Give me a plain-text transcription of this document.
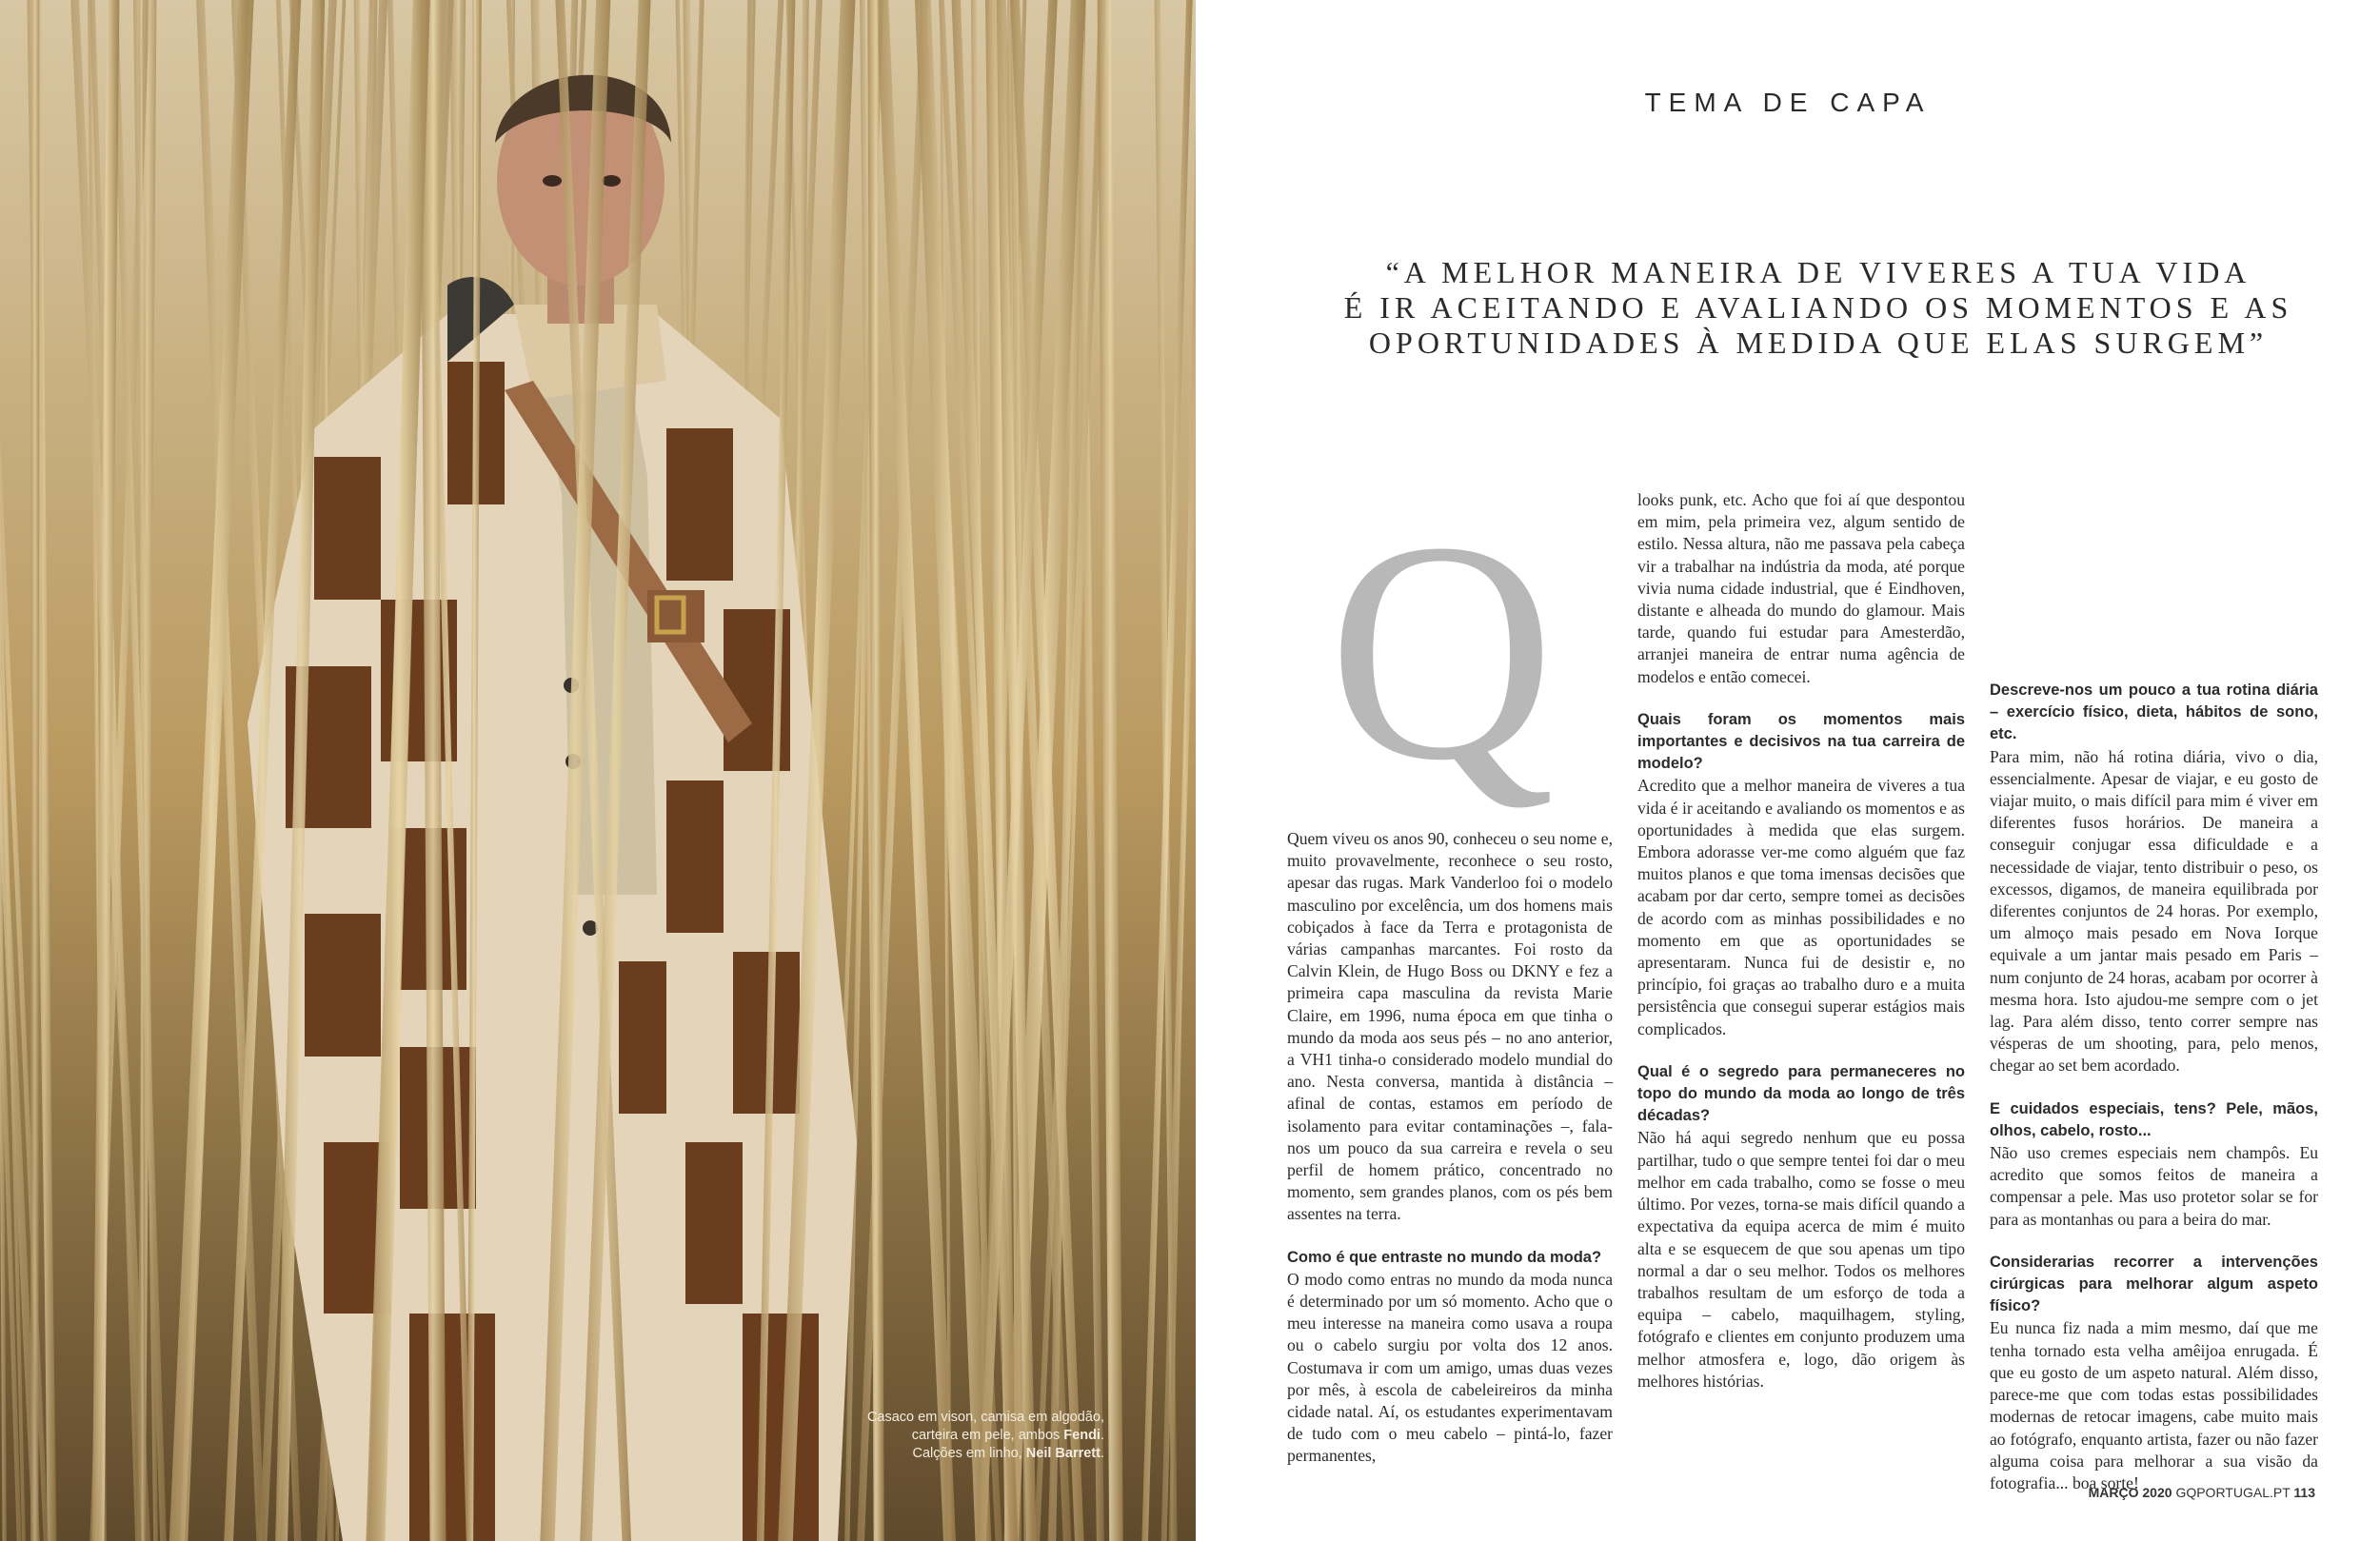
Casaco em vison, camisa em algodão,
carteira em pele, ambos Fendi.
Calções em linho, Neil Barrett.
TEMA DE CAPA
“A MELHOR MANEIRA DE VIVERES A TUA VIDA
É IR ACEITANDO E AVALIANDO OS MOMENTOS E AS
OPORTUNIDADES À MEDIDA QUE ELAS SURGEM”
Q

Quem viveu os anos 90, conheceu o seu nome e, muito provavelmente, reconhece o seu rosto, apesar das rugas. Mark Vanderloo foi o modelo masculino por excelência, um dos homens mais cobiçados à face da Terra e protagonista de várias campanhas marcantes. Foi rosto da Calvin Klein, de Hugo Boss ou DKNY e fez a primeira capa masculina da revista Marie Claire, em 1996, numa época em que tinha o mundo da moda aos seus pés – no ano anterior, a VH1 tinha-o considerado modelo mundial do ano. Nesta conversa, mantida à distância – afinal de contas, estamos em período de isolamento para evitar contaminações –, fala-nos um pouco da sua carreira e revela o seu perfil de homem prático, concentrado no momento, sem grandes planos, com os pés bem assentes na terra.

Como é que entraste no mundo da moda?

O modo como entras no mundo da moda nunca é determinado por um só momento. Acho que o meu interesse na maneira como usava a roupa ou o cabelo surgiu por volta dos 12 anos. Costumava ir com um amigo, umas duas vezes por mês, à escola de cabeleireiros da minha cidade natal. Aí, os estudantes experimentavam de tudo com o meu cabelo – pintá-lo, fazer permanentes,

looks punk, etc. Acho que foi aí que despontou em mim, pela primeira vez, algum sentido de estilo. Nessa altura, não me passava pela cabeça vir a trabalhar na indústria da moda, até porque vivia numa cidade industrial, que é Eindhoven, distante e alheada do mundo do glamour. Mais tarde, quando fui estudar para Amesterdão, arranjei maneira de entrar numa agência de modelos e então comecei.

Quais foram os momentos mais importantes e decisivos na tua carreira de modelo?

Acredito que a melhor maneira de viveres a tua vida é ir aceitando e avaliando os momentos e as oportunidades à medida que elas surgem. Embora adorasse ver-me como alguém que faz muitos planos e que toma imensas decisões que acabam por dar certo, sempre tomei as decisões de acordo com as minhas possibilidades e no momento em que as oportunidades se apresentaram. Nunca fui de desistir e, no princípio, foi graças ao trabalho duro e a muita persistência que consegui superar estágios mais complicados.

Qual é o segredo para permaneceres no topo do mundo da moda ao longo de três décadas?

Não há aqui segredo nenhum que eu possa partilhar, tudo o que sempre tentei foi dar o meu melhor em cada trabalho, como se fosse o meu último. Por vezes, torna-se mais difícil quando a expectativa da equipa acerca de mim é muito alta e se esquecem de que sou apenas um tipo normal a dar o seu melhor. Todos os melhores trabalhos resultam de um esforço de toda a equipa – cabelo, maquilhagem, styling, fotógrafo e clientes em conjunto produzem uma melhor atmosfera e, logo, dão origem às melhores histórias.

Descreve-nos um pouco a tua rotina diária – exercício físico, dieta, hábitos de sono, etc.

Para mim, não há rotina diária, vivo o dia, essencialmente. Apesar de viajar, e eu gosto de viajar muito, o mais difícil para mim é viver em diferentes fusos horários. De maneira a conseguir conjugar essa dificuldade e a necessidade de viajar, tento distribuir o peso, os excessos, digamos, de maneira equilibrada por diferentes conjuntos de 24 horas. Por exemplo, um almoço mais pesado em Nova Iorque equivale a um jantar mais pesado em Paris – num conjunto de 24 horas, acabam por ocorrer à mesma hora. Isto ajudou-me sempre com o jet lag. Para além disso, tento correr sempre nas vésperas de um shooting, para, pelo menos, chegar ao set bem acordado.

E cuidados especiais, tens? Pele, mãos, olhos, cabelo, rosto...

Não uso cremes especiais nem champôs. Eu acredito que somos feitos de maneira a compensar a pele. Mas uso protetor solar se for para as montanhas ou para a beira do mar.

Considerarias recorrer a intervenções cirúrgicas para melhorar algum aspeto físico?

Eu nunca fiz nada a mim mesmo, daí que me tenha tornado esta velha amêijoa enrugada. É que eu gosto de um aspeto natural. Além disso, parece-me que com todas estas possibilidades modernas de retocar imagens, cabe muito mais ao fotógrafo, enquanto artista, fazer ou não fazer alguma coisa para melhorar a sua visão da fotografia... boa sorte!

MARÇO 2020 GQPORTUGAL.PT 113
